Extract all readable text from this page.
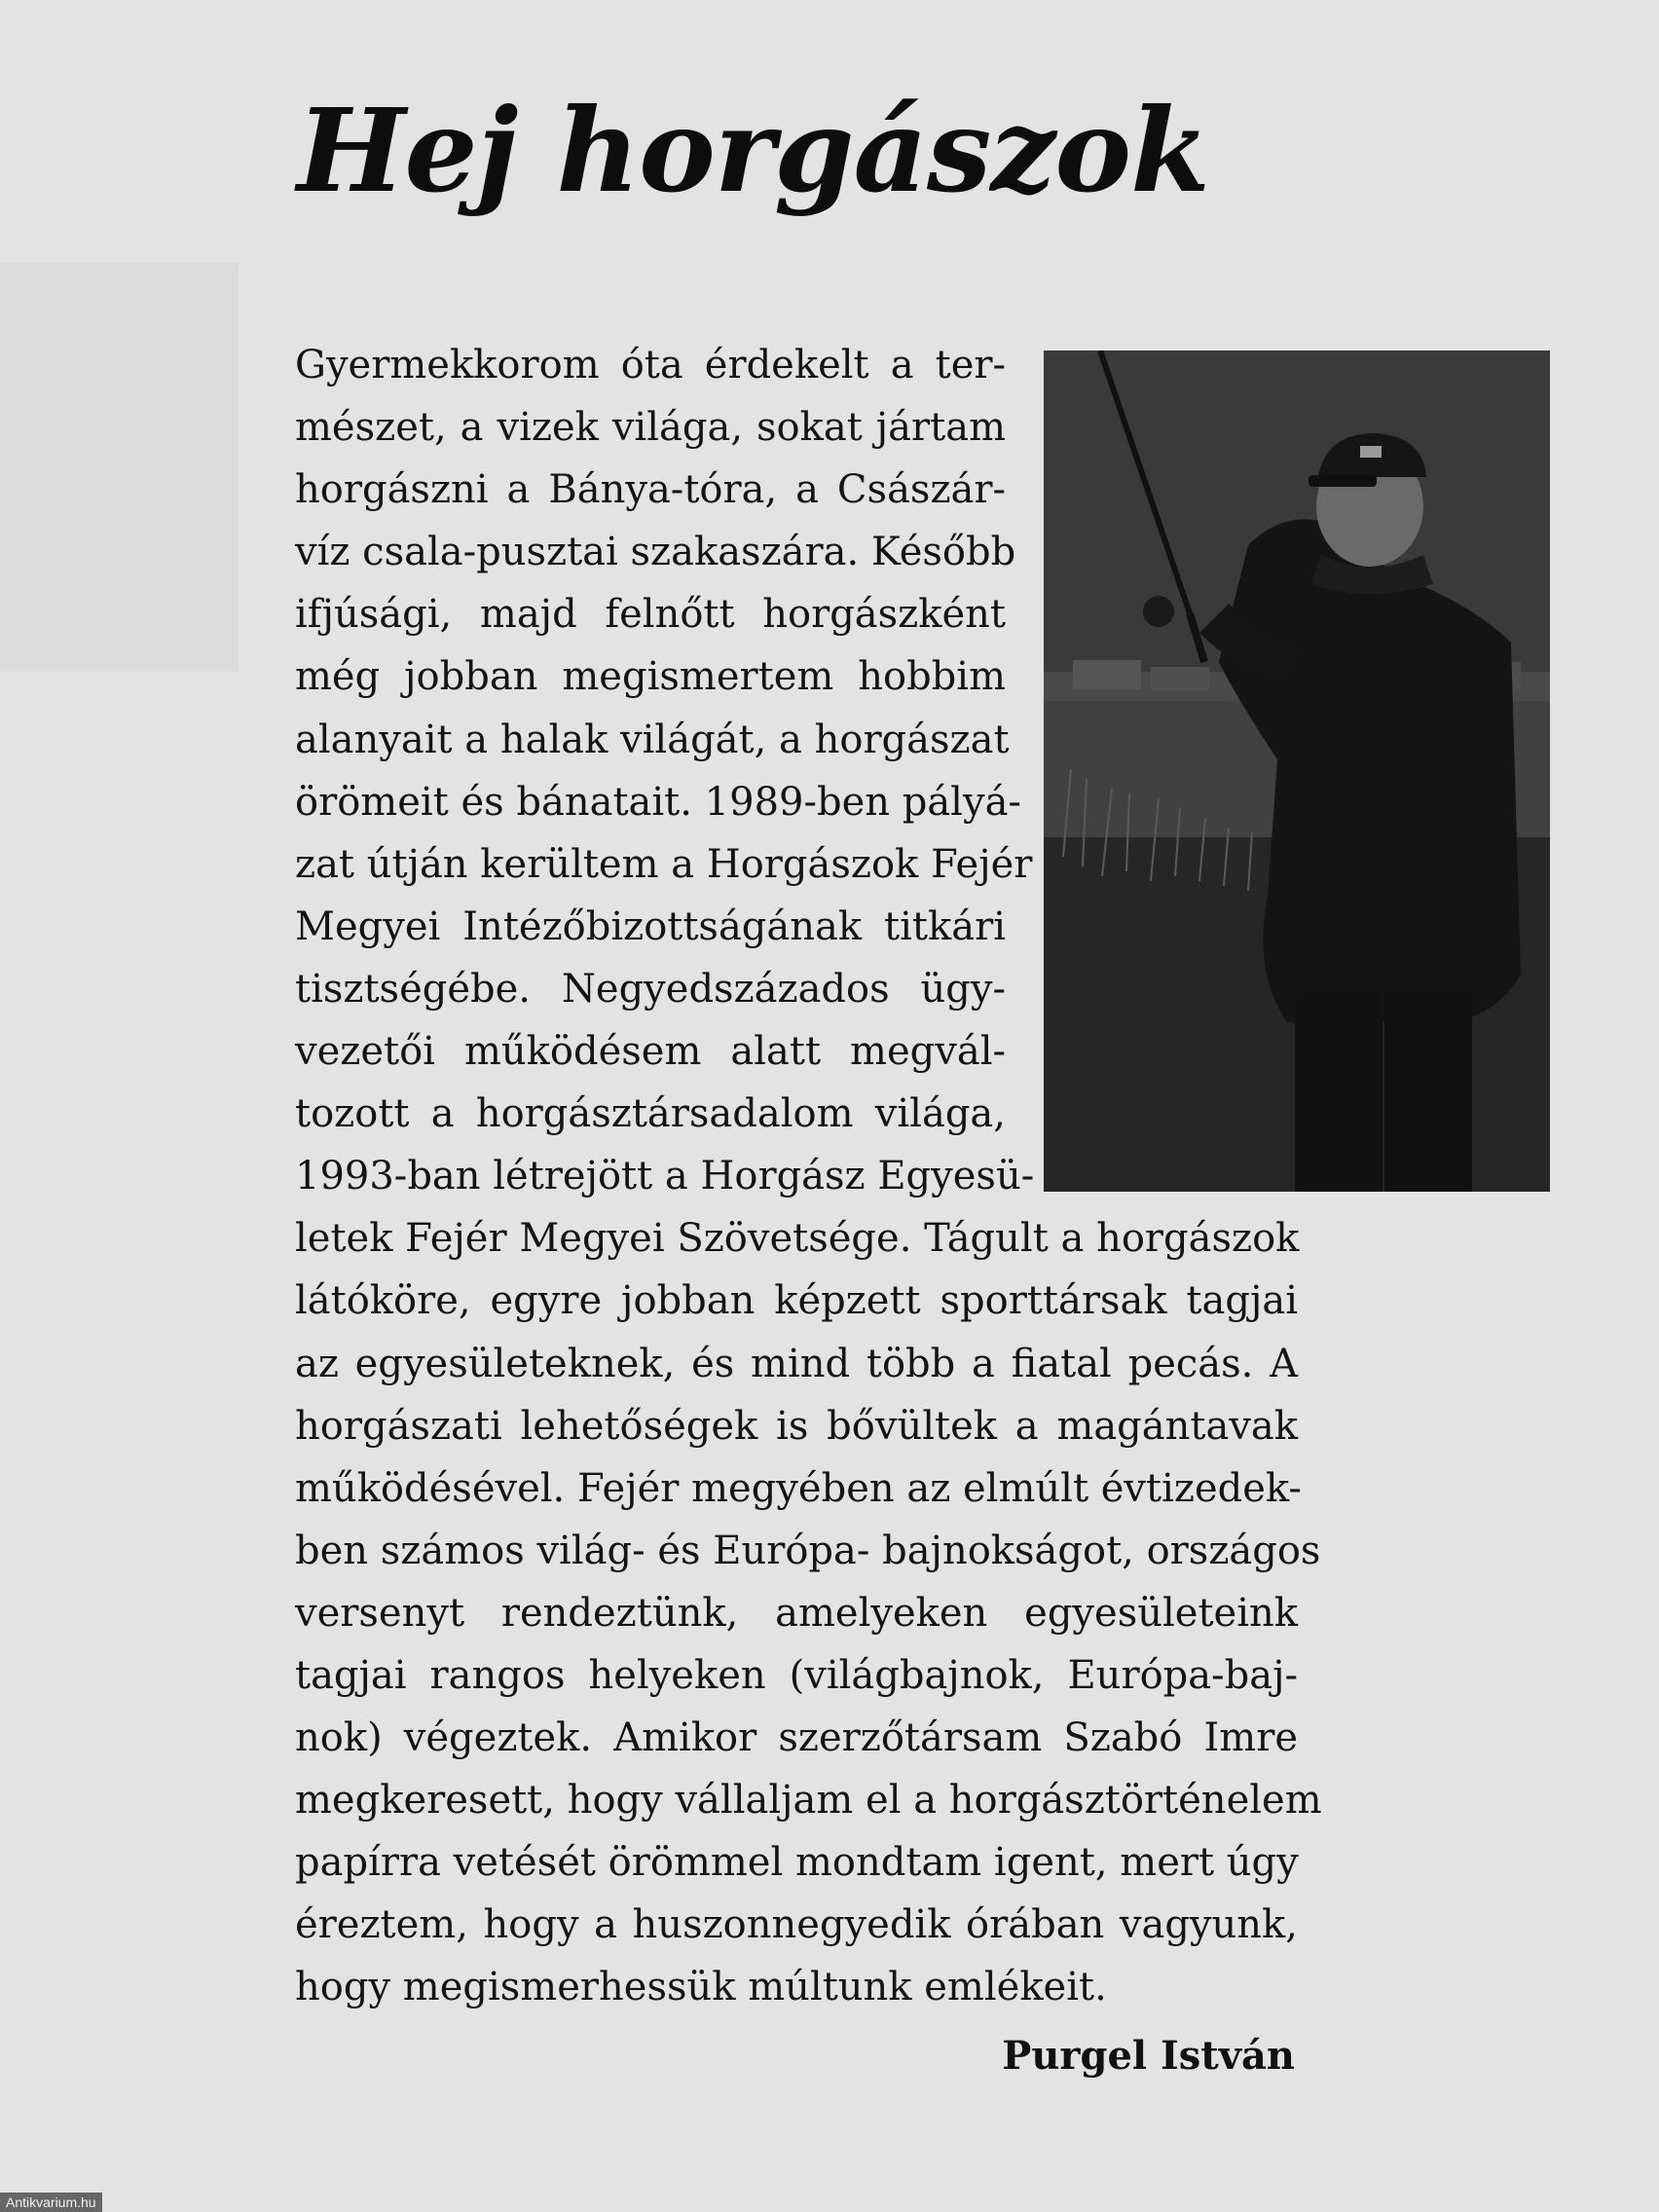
Hej horgászok
Gyermekkorom óta érdekelt a ter-
mészet, a vizek világa, sokat jártam
horgászni a Bánya-tóra, a Császár-
víz csala-pusztai szakaszára. Később
ifjúsági, majd felnőtt horgászként
még jobban megismertem hobbim
alanyait a halak világát, a horgászat
örömeit és bánatait. 1989-ben pályá-
zat útján kerültem a Horgászok Fejér
Megyei Intézőbizottságának titkári
tisztségébe. Negyedszázados ügy-
vezetői működésem alatt megvál-
tozott a horgásztársadalom világa,
1993-ban létrejött a Horgász Egyesü-
letek Fejér Megyei Szövetsége. Tágult a horgászok
látóköre, egyre jobban képzett sporttársak tagjai
az egyesületeknek, és mind több a fiatal pecás. A
horgászati lehetőségek is bővültek a magántavak
működésével. Fejér megyében az elmúlt évtizedek-
ben számos világ- és Európa- bajnokságot, országos
versenyt rendeztünk, amelyeken egyesületeink
tagjai rangos helyeken (világbajnok, Európa-baj-
nok) végeztek. Amikor szerzőtársam Szabó Imre
megkeresett, hogy vállaljam el a horgásztörténelem
papírra vetését örömmel mondtam igent, mert úgy
éreztem, hogy a huszonnegyedik órában vagyunk,
hogy megismerhessük múltunk emlékeit.
Purgel István
Antikvarium.hu
